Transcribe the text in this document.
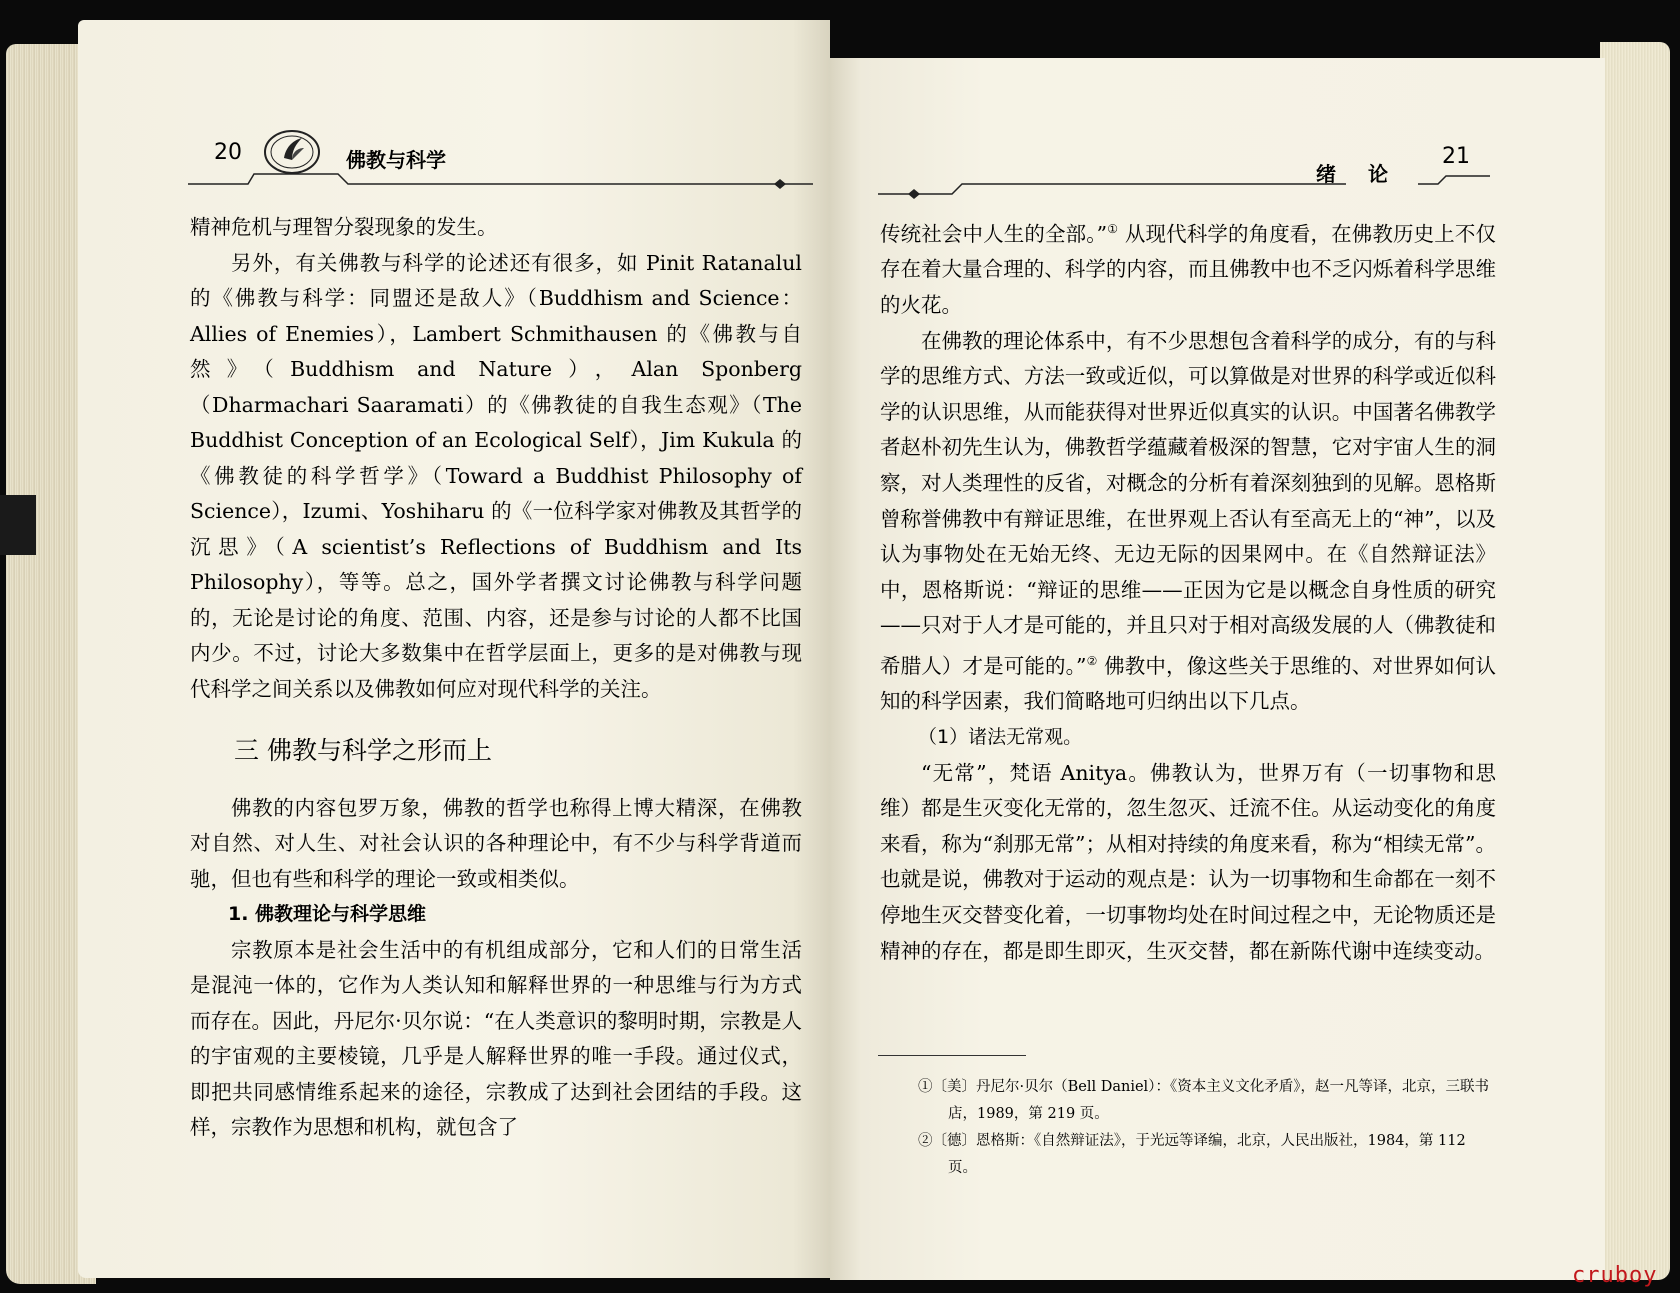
20	佛教与科学

精神危机与理智分裂现象的发生。

另外，有关佛教与科学的论述还有很多，如 Pinit Ratanalul 的《佛教与科学：同盟还是敌人》（Buddhism and Science：Allies of Enemies），Lambert Schmithausen 的《佛教与自然》（Buddhism and Nature），Alan Sponberg（Dharmachari Saaramati）的《佛教徒的自我生态观》（The Buddhist Conception of an Ecological Self），Jim Kukula 的《佛教徒的科学哲学》（Toward a Buddhist Philosophy of Science），Izumi、Yoshiharu 的《一位科学家对佛教及其哲学的沉思》（A scientist’s Reflections of Buddhism and Its Philosophy），等等。总之，国外学者撰文讨论佛教与科学问题的，无论是讨论的角度、范围、内容，还是参与讨论的人都不比国内少。不过，讨论大多数集中在哲学层面上，更多的是对佛教与现代科学之间关系以及佛教如何应对现代科学的关注。

三 佛教与科学之形而上

佛教的内容包罗万象，佛教的哲学也称得上博大精深，在佛教对自然、对人生、对社会认识的各种理论中，有不少与科学背道而驰，但也有些和科学的理论一致或相类似。

1. 佛教理论与科学思维

宗教原本是社会生活中的有机组成部分，它和人们的日常生活是混沌一体的，它作为人类认知和解释世界的一种思维与行为方式而存在。因此，丹尼尔·贝尔说：“在人类意识的黎明时期，宗教是人的宇宙观的主要棱镜，几乎是人解释世界的唯一手段。通过仪式，即把共同感情维系起来的途径，宗教成了达到社会团结的手段。这样，宗教作为思想和机构，就包含了

绪　论
21

传统社会中人生的全部。”① 从现代科学的角度看，在佛教历史上不仅存在着大量合理的、科学的内容，而且佛教中也不乏闪烁着科学思维的火花。

在佛教的理论体系中，有不少思想包含着科学的成分，有的与科学的思维方式、方法一致或近似，可以算做是对世界的科学或近似科学的认识思维，从而能获得对世界近似真实的认识。中国著名佛教学者赵朴初先生认为，佛教哲学蕴藏着极深的智慧，它对宇宙人生的洞察，对人类理性的反省，对概念的分析有着深刻独到的见解。恩格斯曾称誉佛教中有辩证思维，在世界观上否认有至高无上的“神”，以及认为事物处在无始无终、无边无际的因果网中。在《自然辩证法》中，恩格斯说：“辩证的思维——正因为它是以概念自身性质的研究——只对于人才是可能的，并且只对于相对高级发展的人（佛教徒和希腊人）才是可能的。”② 佛教中，像这些关于思维的、对世界如何认知的科学因素，我们简略地可归纳出以下几点。

（1）诸法无常观。

“无常”，梵语 Anitya。佛教认为，世界万有（一切事物和思维）都是生灭变化无常的，忽生忽灭、迁流不住。从运动变化的角度来看，称为“刹那无常”；从相对持续的角度来看，称为“相续无常”。也就是说，佛教对于运动的观点是：认为一切事物和生命都在一刻不停地生灭交替变化着，一切事物均处在时间过程之中，无论物质还是精神的存在，都是即生即灭，生灭交替，都在新陈代谢中连续变动。

①〔美〕丹尼尔·贝尔（Bell Daniel）：《资本主义文化矛盾》，赵一凡等译，北京，三联书店，1989，第 219 页。

②〔德〕恩格斯：《自然辩证法》，于光远等译编，北京，人民出版社，1984，第 112 页。

cruboy
